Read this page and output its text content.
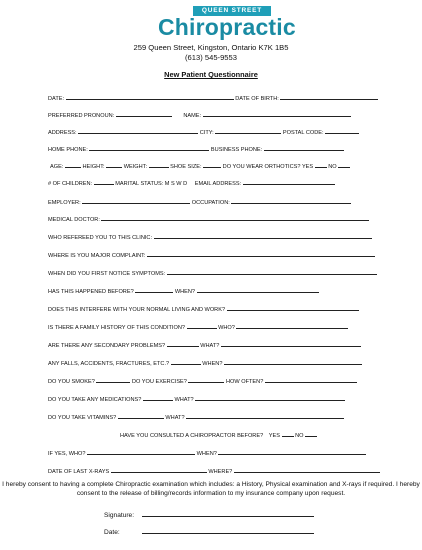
QUEEN STREET
Chiropractic
259 Queen Street, Kingston, Ontario K7K 1B5
(613) 545-9553
New Patient Questionnaire
DATE:	DATE OF BIRTH:
PREFERRED PRONOUN:	NAME:
ADDRESS:	CITY:	POSTAL CODE:
HOME PHONE:	BUSINESS PHONE:
AGE:	HEIGHT:	WEIGHT:	SHOE SIZE:	DO YOU WEAR ORTHOTICS? YES	NO
# OF CHILDREN:	MARITAL STATUS: M S W D EMAIL ADDRESS:
EMPLOYER:	OCCUPATION:
MEDICAL DOCTOR:
WHO REFEREED YOU TO THIS CLINIC:
WHERE IS YOU MAJOR COMPLAINT:
WHEN DID YOU FIRST NOTICE SYMPTOMS:
HAS THIS HAPPENED BEFORE?	WHEN?
DOES THIS INTERFERE WITH YOUR NORMAL LIVING AND WORK?
IS THERE A FAMILY HISTORY OF THIS CONDITION?	WHO?
ARE THERE ANY SECONDARY PROBLEMS?	WHAT?
ANY FALLS, ACCIDENTS, FRACTURES, ETC.?	WHEN?
DO YOU SMOKE?	DO YOU EXERCISE?	HOW OFTEN?
DO YOU TAKE ANY MEDICATIONS?	WHAT?
DO YOU TAKE VITAMINS?	WHAT?
HAVE YOU CONSULTED A CHIROPRACTOR BEFORE? YES	NO
IF YES, WHO?	WHEN?
DATE OF LAST X-RAYS	WHERE?
I hereby consent to having a complete Chiropractic examination which includes: a History, Physical examination and X-rays if required. I hereby consent to the release of billing/records information to my insurance company upon request.
Signature:
Date:
